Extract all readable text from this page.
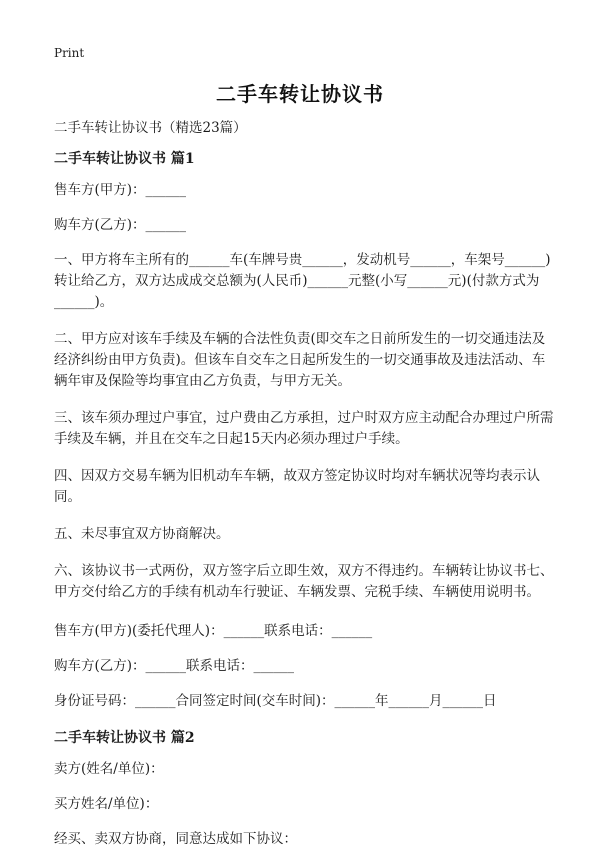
Print
二手车转让协议书

二手车转让协议书（精选23篇）

二手车转让协议书 篇1

售车方(甲方)：______

购车方(乙方)：______

一、甲方将车主所有的______车(车牌号贵______，发动机号______，车架号______)转让给乙方，双方达成成交总额为(人民币)______元整(小写______元)(付款方式为______)。

二、甲方应对该车手续及车辆的合法性负责(即交车之日前所发生的一切交通违法及经济纠纷由甲方负责)。但该车自交车之日起所发生的一切交通事故及违法活动、车辆年审及保险等均事宜由乙方负责，与甲方无关。

三、该车须办理过户事宜，过户费由乙方承担，过户时双方应主动配合办理过户所需手续及车辆，并且在交车之日起15天内必须办理过户手续。

四、因双方交易车辆为旧机动车车辆，故双方签定协议时均对车辆状况等均表示认同。

五、未尽事宜双方协商解决。

六、该协议书一式两份，双方签字后立即生效，双方不得违约。车辆转让协议书七、甲方交付给乙方的手续有机动车行驶证、车辆发票、完税手续、车辆使用说明书。

售车方(甲方)(委托代理人)：______联系电话：______

购车方(乙方)：______联系电话：______

身份证号码：______合同签定时间(交车时间)：______年______月______日

二手车转让协议书 篇2

卖方(姓名/单位)：

买方姓名/单位)：

经买、卖双方协商，同意达成如下协议：
